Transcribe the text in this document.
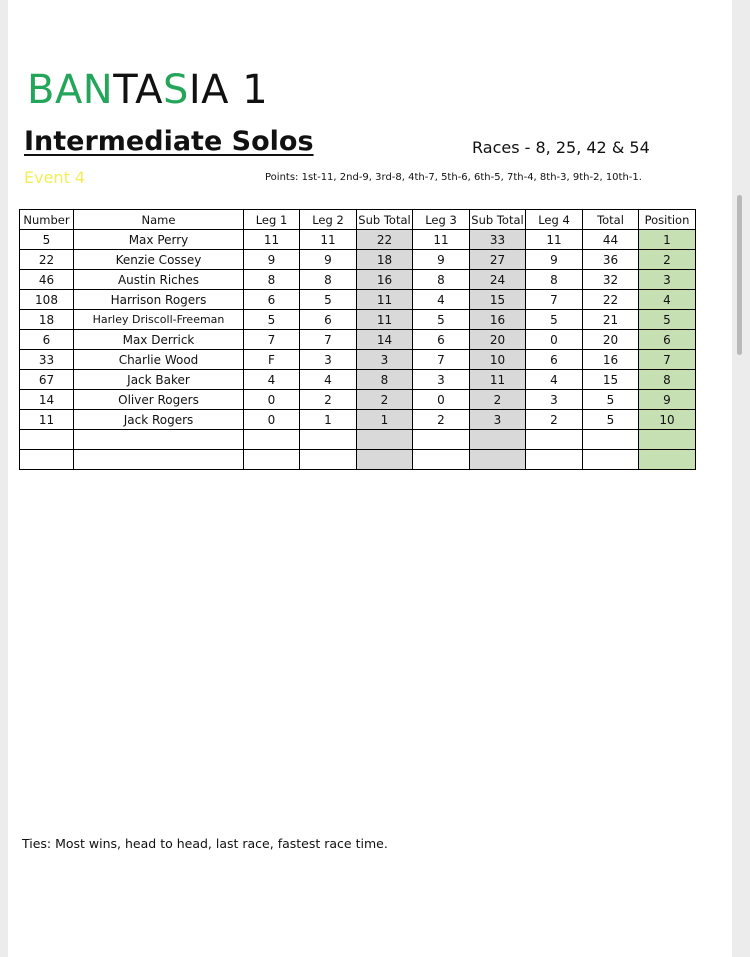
BANTASIA 1
Intermediate Solos	Races - 8, 25, 42 & 54
Event 4	Points: 1st-11, 2nd-9, 3rd-8, 4th-7, 5th-6, 6th-5, 7th-4, 8th-3, 9th-2, 10th-1.
Number	Name	Leg 1	Leg 2	Sub Total	Leg 3	Sub Total	Leg 4	Total	Position
5	Max Perry	11	11	22	11	33	11	44	1
22	Kenzie Cossey	9	9	18	9	27	9	36	2
46	Austin Riches	8	8	16	8	24	8	32	3
108	Harrison Rogers	6	5	11	4	15	7	22	4
18	Harley Driscoll-Freeman	5	6	11	5	16	5	21	5
6	Max Derrick	7	7	14	6	20	0	20	6
33	Charlie Wood	F	3	3	7	10	6	16	7
67	Jack Baker	4	4	8	3	11	4	15	8
14	Oliver Rogers	0	2	2	0	2	3	5	9
11	Jack Rogers	0	1	1	2	3	2	5	10

Ties: Most wins, head to head, last race, fastest race time.
